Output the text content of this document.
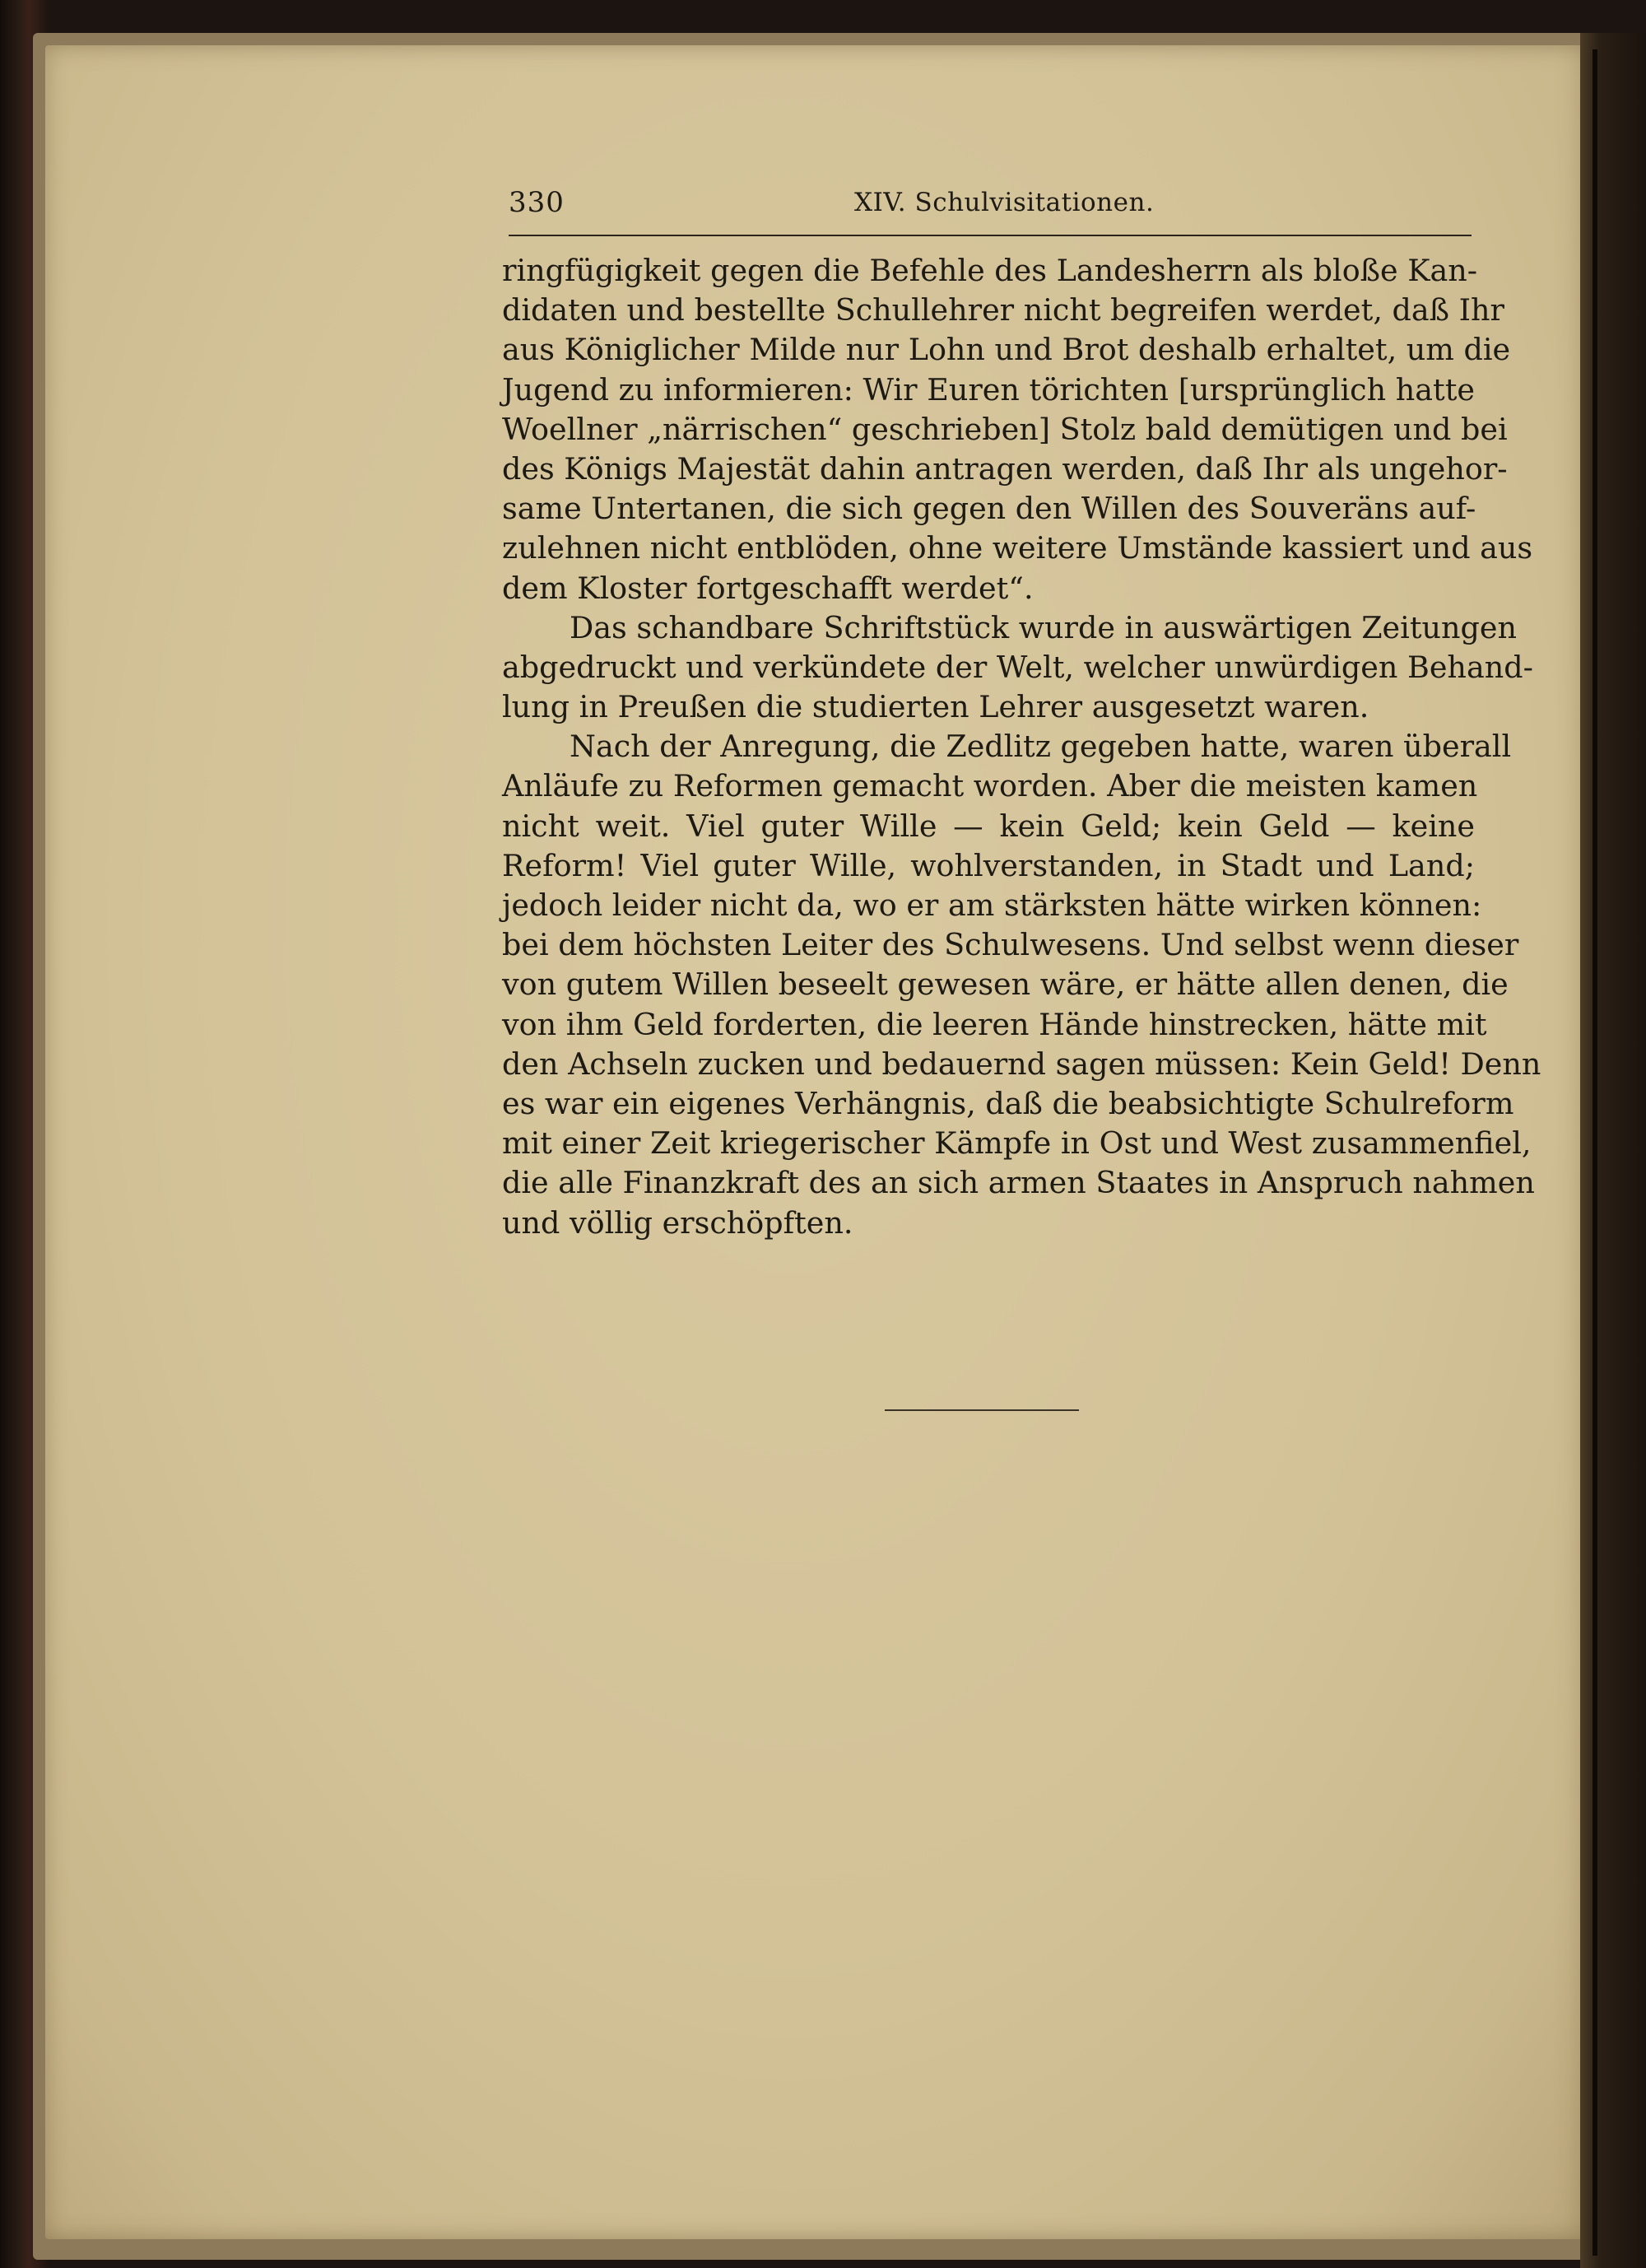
330	XIV. Schulvisitationen.
ringfügigkeit gegen die Befehle des Landesherrn als bloße Kan-
didaten und bestellte Schullehrer nicht begreifen werdet, daß Ihr
aus Königlicher Milde nur Lohn und Brot deshalb erhaltet, um die
Jugend zu informieren: Wir Euren törichten [ursprünglich hatte
Woellner „närrischen“ geschrieben] Stolz bald demütigen und bei
des Königs Majestät dahin antragen werden, daß Ihr als ungehor-
same Untertanen, die sich gegen den Willen des Souveräns auf-
zulehnen nicht entblöden, ohne weitere Umstände kassiert und aus
dem Kloster fortgeschafft werdet“.
Das schandbare Schriftstück wurde in auswärtigen Zeitungen
abgedruckt und verkündete der Welt, welcher unwürdigen Behand-
lung in Preußen die studierten Lehrer ausgesetzt waren.
Nach der Anregung, die Zedlitz gegeben hatte, waren überall
Anläufe zu Reformen gemacht worden. Aber die meisten kamen
nicht weit. Viel guter Wille — kein Geld; kein Geld — keine
Reform! Viel guter Wille, wohlverstanden, in Stadt und Land;
jedoch leider nicht da, wo er am stärksten hätte wirken können:
bei dem höchsten Leiter des Schulwesens. Und selbst wenn dieser
von gutem Willen beseelt gewesen wäre, er hätte allen denen, die
von ihm Geld forderten, die leeren Hände hinstrecken, hätte mit
den Achseln zucken und bedauernd sagen müssen: Kein Geld! Denn
es war ein eigenes Verhängnis, daß die beabsichtigte Schulreform
mit einer Zeit kriegerischer Kämpfe in Ost und West zusammenfiel,
die alle Finanzkraft des an sich armen Staates in Anspruch nahmen
und völlig erschöpften.
